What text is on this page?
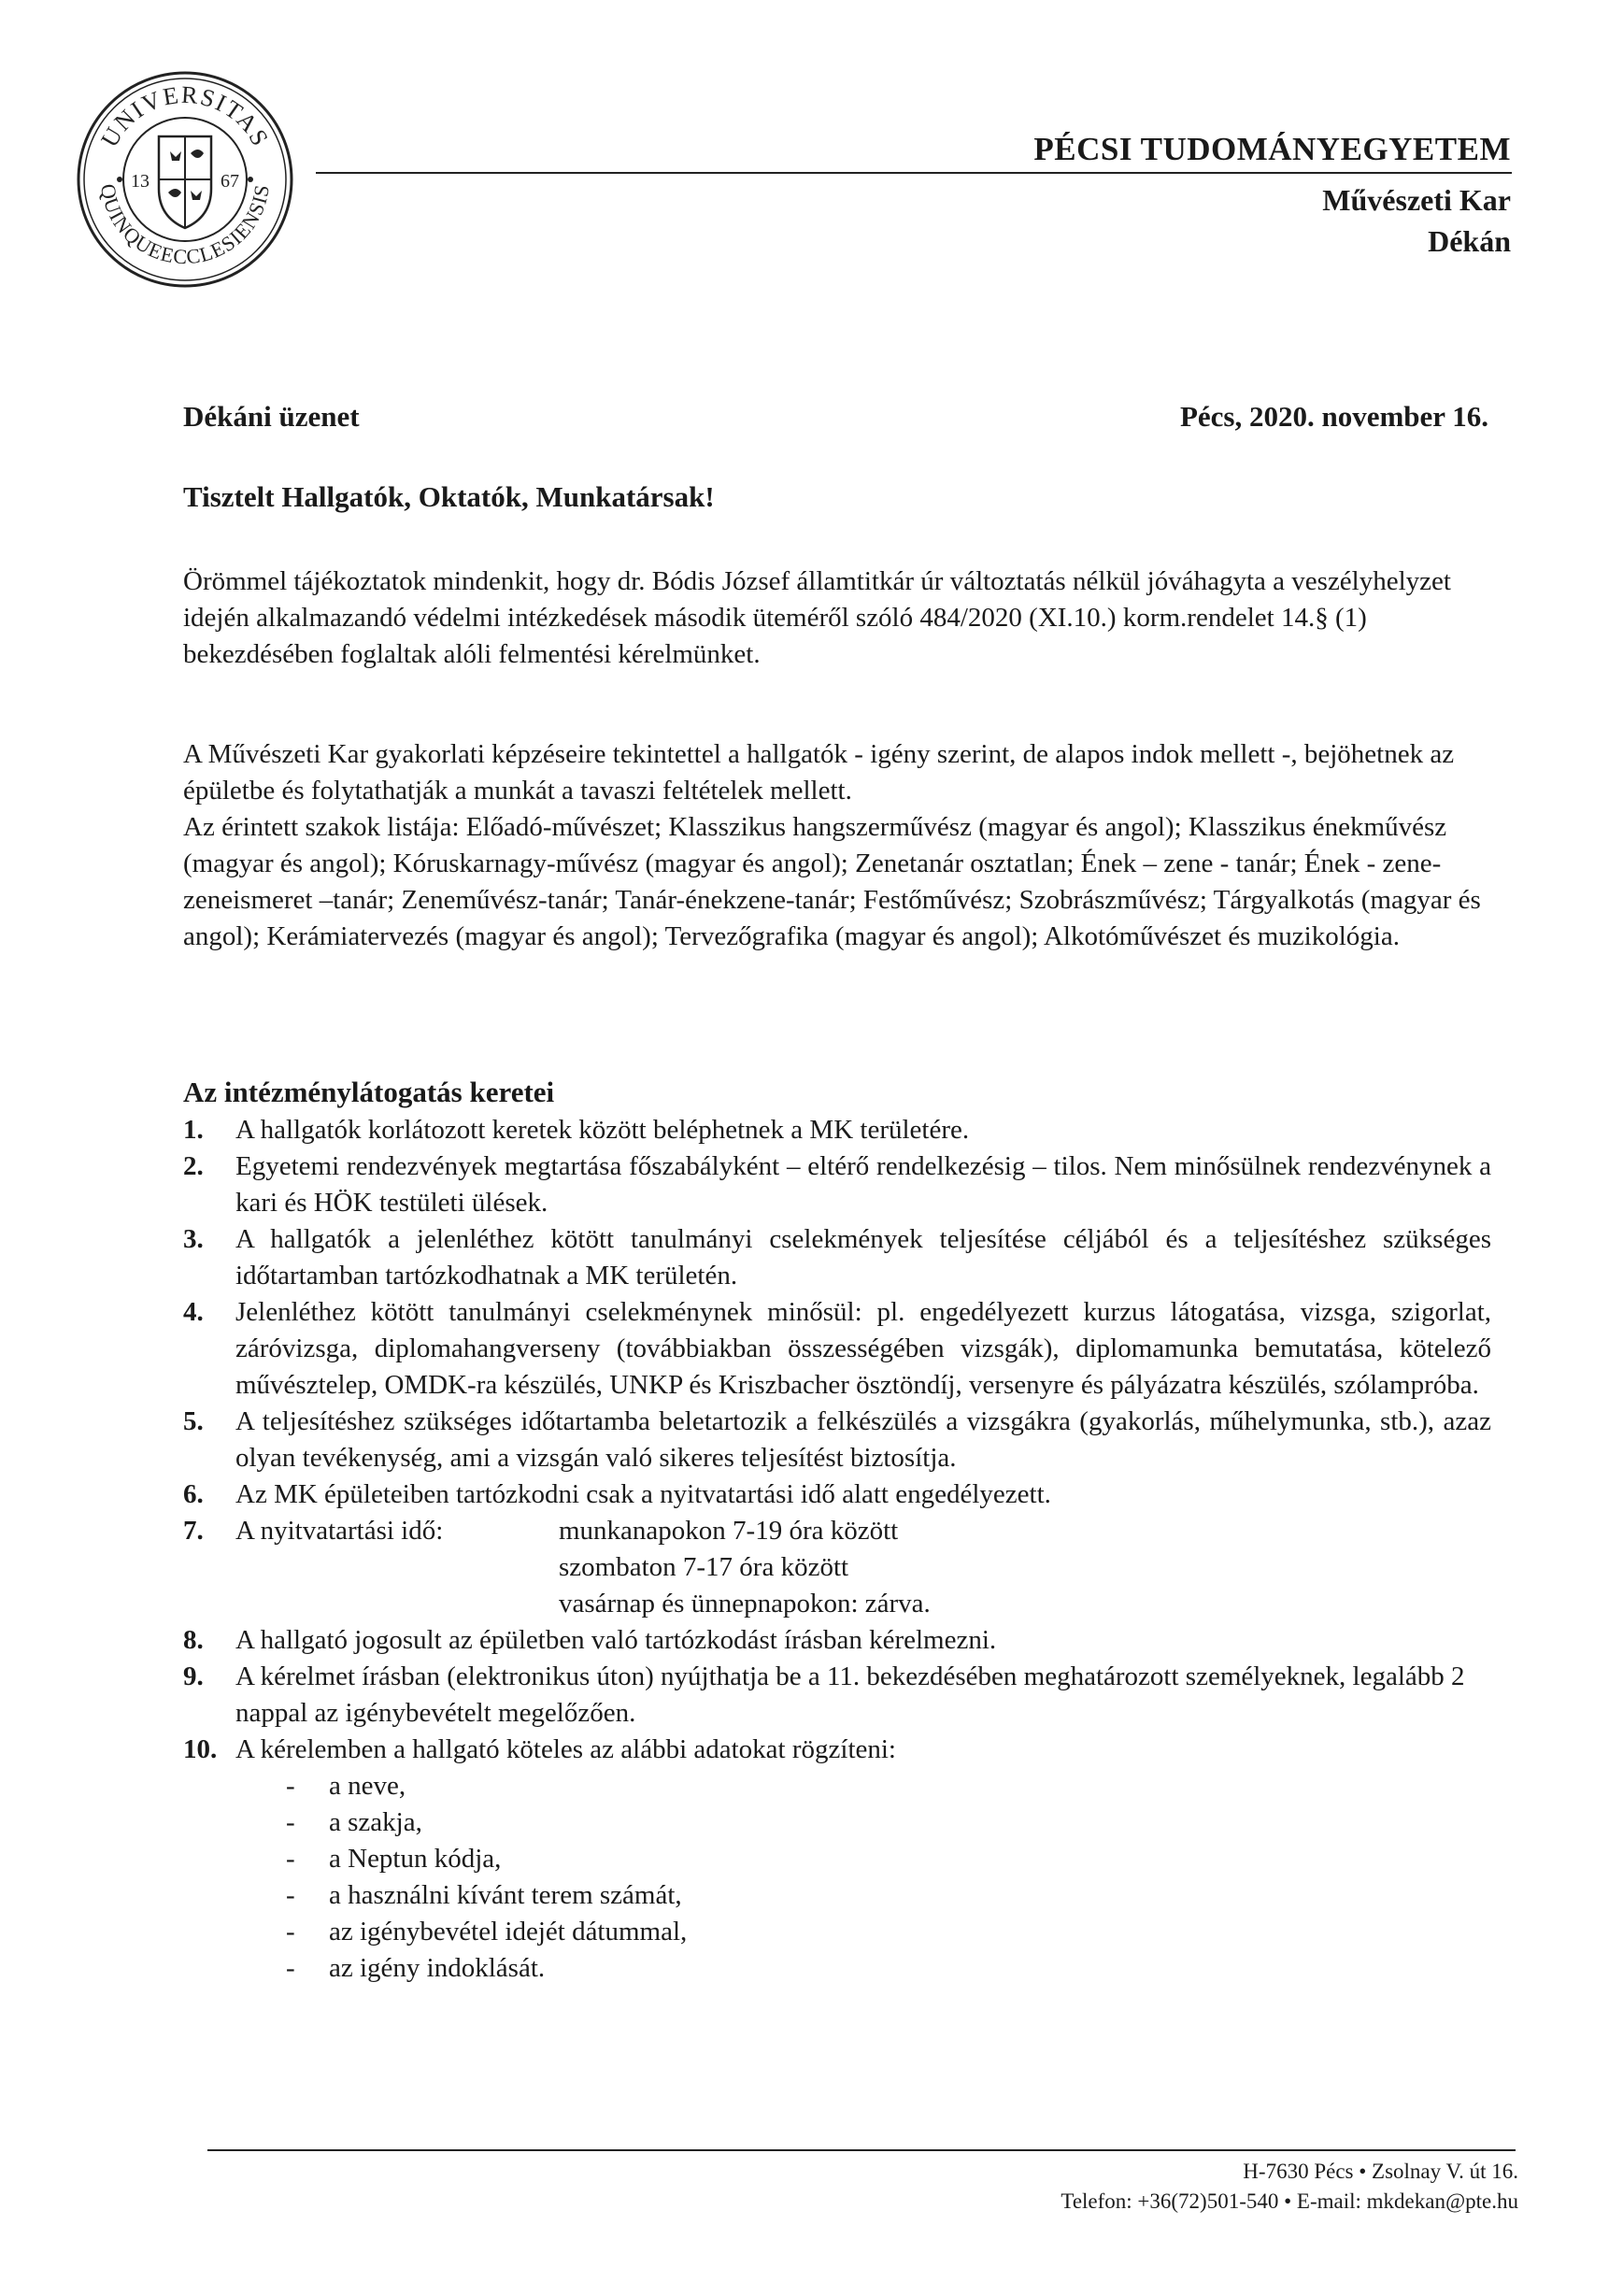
UNIVERSITAS
QUINQUEECCLESIENSIS
13	67
PÉCSI TUDOMÁNYEGYETEM
Művészeti Kar
Dékán
Dékáni üzenet	Pécs, 2020. november 16.
Tisztelt Hallgatók, Oktatók, Munkatársak!

Örömmel tájékoztatok mindenkit, hogy dr. Bódis József államtitkár úr változtatás nélkül jóváhagyta a veszélyhelyzet idején alkalmazandó védelmi intézkedések második üteméről szóló 484/2020 (XI.10.) korm.rendelet 14.§ (1) bekezdésében foglaltak alóli felmentési kérelmünket.

A Művészeti Kar gyakorlati képzéseire tekintettel a hallgatók - igény szerint, de alapos indok mellett -, bejöhetnek az épületbe és folytathatják a munkát a tavaszi feltételek mellett.

Az érintett szakok listája: Előadó-művészet; Klasszikus hangszerművész (magyar és angol); Klasszikus énekművész (magyar és angol); Kóruskarnagy-művész (magyar és angol); Zenetanár osztatlan; Ének – zene - tanár; Ének - zene-zeneismeret –tanár; Zeneművész-tanár; Tanár-énekzene-tanár; Festőművész; Szobrászművész; Tárgyalkotás (magyar és angol); Kerámiatervezés (magyar és angol); Tervezőgrafika (magyar és angol); Alkotóművészet és muzikológia.

Az intézménylátogatás keretei
1.	A hallgatók korlátozott keretek között beléphetnek a MK területére.
2.	Egyetemi rendezvények megtartása főszabályként – eltérő rendelkezésig – tilos. Nem minősülnek rendezvénynek a kari és HÖK testületi ülések.
3.	A hallgatók a jelenléthez kötött tanulmányi cselekmények teljesítése céljából és a teljesítéshez szükséges időtartamban tartózkodhatnak a MK területén.
4.	Jelenléthez kötött tanulmányi cselekménynek minősül: pl. engedélyezett kurzus látogatása, vizsga, szigorlat, záróvizsga, diplomahangverseny (továbbiakban összességében vizsgák), diplomamunka bemutatása, kötelező művésztelep, OMDK-ra készülés, UNKP és Kriszbacher ösztöndíj, versenyre és pályázatra készülés, szólampróba.
5.	A teljesítéshez szükséges időtartamba beletartozik a felkészülés a vizsgákra (gyakorlás, műhelymunka, stb.), azaz olyan tevékenység, ami a vizsgán való sikeres teljesítést biztosítja.
6.	Az MK épületeiben tartózkodni csak a nyitvatartási idő alatt engedélyezett.
7.	A nyitvatartási idő:	munkanapokon 7-19 óra között
szombaton 7-17 óra között
vasárnap és ünnepnapokon: zárva.
8.	A hallgató jogosult az épületben való tartózkodást írásban kérelmezni.
9.	A kérelmet írásban (elektronikus úton) nyújthatja be a 11. bekezdésében meghatározott személyeknek, legalább 2 nappal az igénybevételt megelőzően.
10. A kérelemben a hallgató köteles az alábbi adatokat rögzíteni:
-	a neve,
-	a szakja,
-	a Neptun kódja,
-	a használni kívánt terem számát,
-	az igénybevétel idejét dátummal,
-	az igény indoklását.
H-7630 Pécs • Zsolnay V. út 16.
Telefon: +36(72)501-540 • E-mail: mkdekan@pte.hu
